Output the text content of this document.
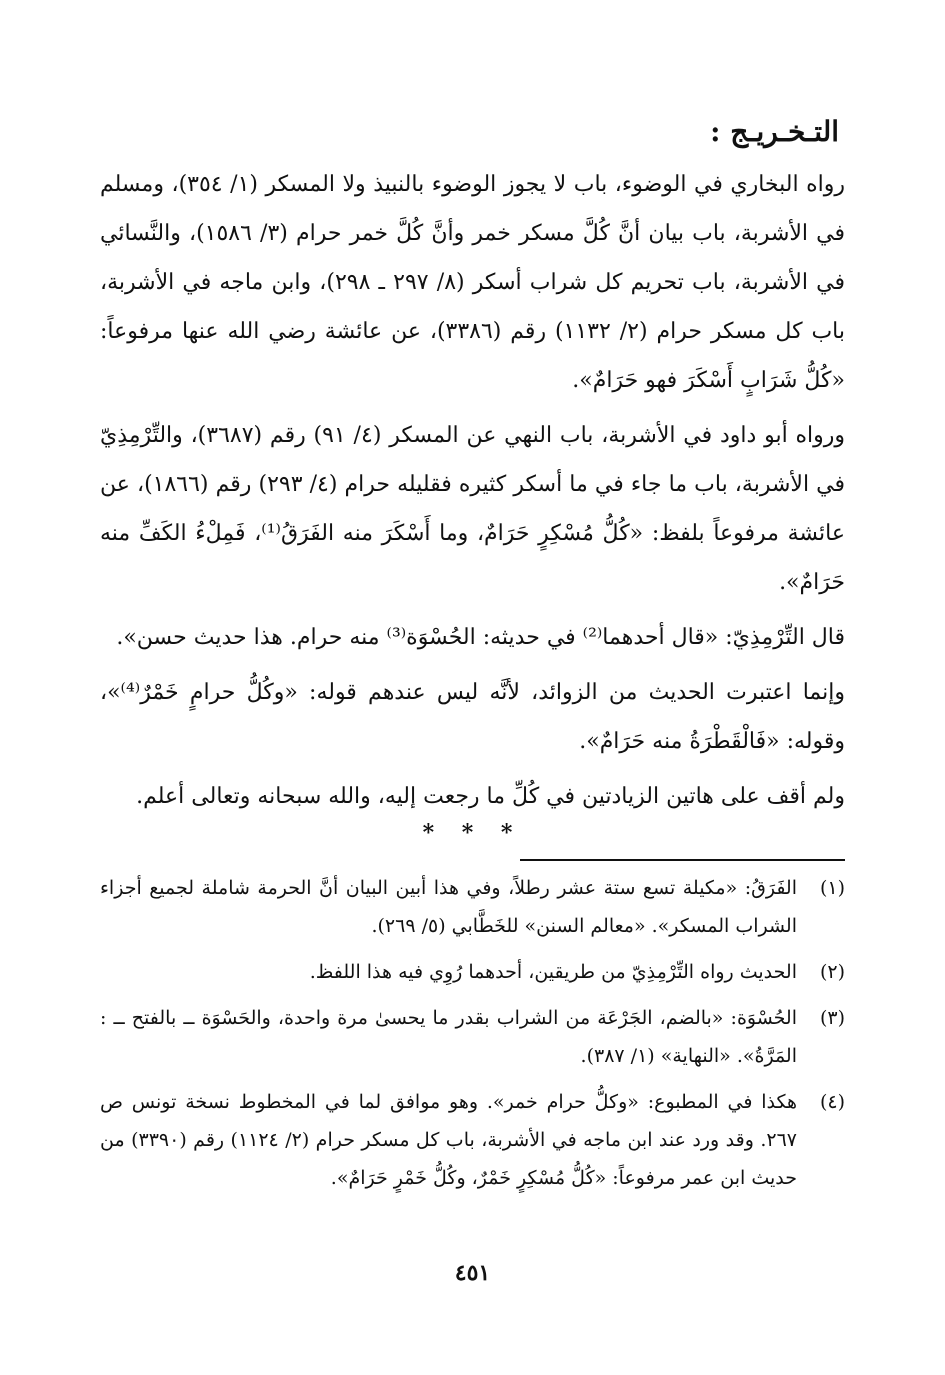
التـخـريـج :
رواه البخاري في الوضوء، باب لا يجوز الوضوء بالنبيذ ولا المسكر (١/ ٣٥٤)، ومسلم في الأشربة، باب بيان أنَّ كُلَّ مسكر خمر وأنَّ كُلَّ خمر حرام (٣/ ١٥٨٦)، والنَّسائي في الأشربة، باب تحريم كل شراب أسكر (٨/ ٢٩٧ ـ ٢٩٨)، وابن ماجه في الأشربة، باب كل مسكر حرام (٢/ ١١٣٢) رقم (٣٣٨٦)، عن عائشة رضي الله عنها مرفوعاً: «كُلُّ شَرَابٍ أَسْكَرَ فهو حَرَامٌ».
ورواه أبو داود في الأشربة، باب النهي عن المسكر (٤/ ٩١) رقم (٣٦٨٧)، والتِّرْمِذِيّ في الأشربة، باب ما جاء في ما أسكر كثيره فقليله حرام (٤/ ٢٩٣) رقم (١٨٦٦)، عن عائشة مرفوعاً بلفظ: «كُلُّ مُسْكِرٍ حَرَامٌ، وما أَسْكَرَ منه الفَرَقُ⁽¹⁾، فَمِلْءُ الكَفِّ منه حَرَامٌ».
قال التِّرْمِذِيّ: «قال أحدهما⁽²⁾ في حديثه: الحُسْوَة⁽³⁾ منه حرام. هذا حديث حسن».
وإنما اعتبرت الحديث من الزوائد، لأنَّه ليس عندهم قوله: «وكُلُّ حرامٍ خَمْرٌ⁽⁴⁾»، وقوله: «فَالْقَطْرَةُ منه حَرَامٌ».
ولم أقف على هاتين الزيادتين في كُلِّ ما رجعت إليه، والله سبحانه وتعالى أعلم.
* * *
(١)
الفَرَقُ: «مكيلة تسع ستة عشر رطلاً، وفي هذا أبين البيان أنَّ الحرمة شاملة لجميع أجزاء الشراب المسكر». «معالم السنن» للخَطَّابي (٥/ ٢٦٩).
(٢)
الحديث رواه التِّرْمِذِيّ من طريقين، أحدهما رُوِي فيه هذا اللفظ.
(٣)
الحُسْوَة: «بالضم، الجَرْعَة من الشراب بقدر ما يحسىٰ مرة واحدة، والحَسْوَة ــ بالفتح ــ : المَرَّةُ». «النهاية» (١/ ٣٨٧).
(٤)
هكذا في المطبوع: «وكلُّ حرام خمر». وهو موافق لما في المخطوط نسخة تونس ص ٢٦٧. وقد ورد عند ابن ماجه في الأشربة، باب كل مسكر حرام (٢/ ١١٢٤) رقم (٣٣٩٠) من حديث ابن عمر مرفوعاً: «كُلُّ مُسْكِرٍ خَمْرٌ، وكُلُّ خَمْرٍ حَرَامٌ».
٤٥١
